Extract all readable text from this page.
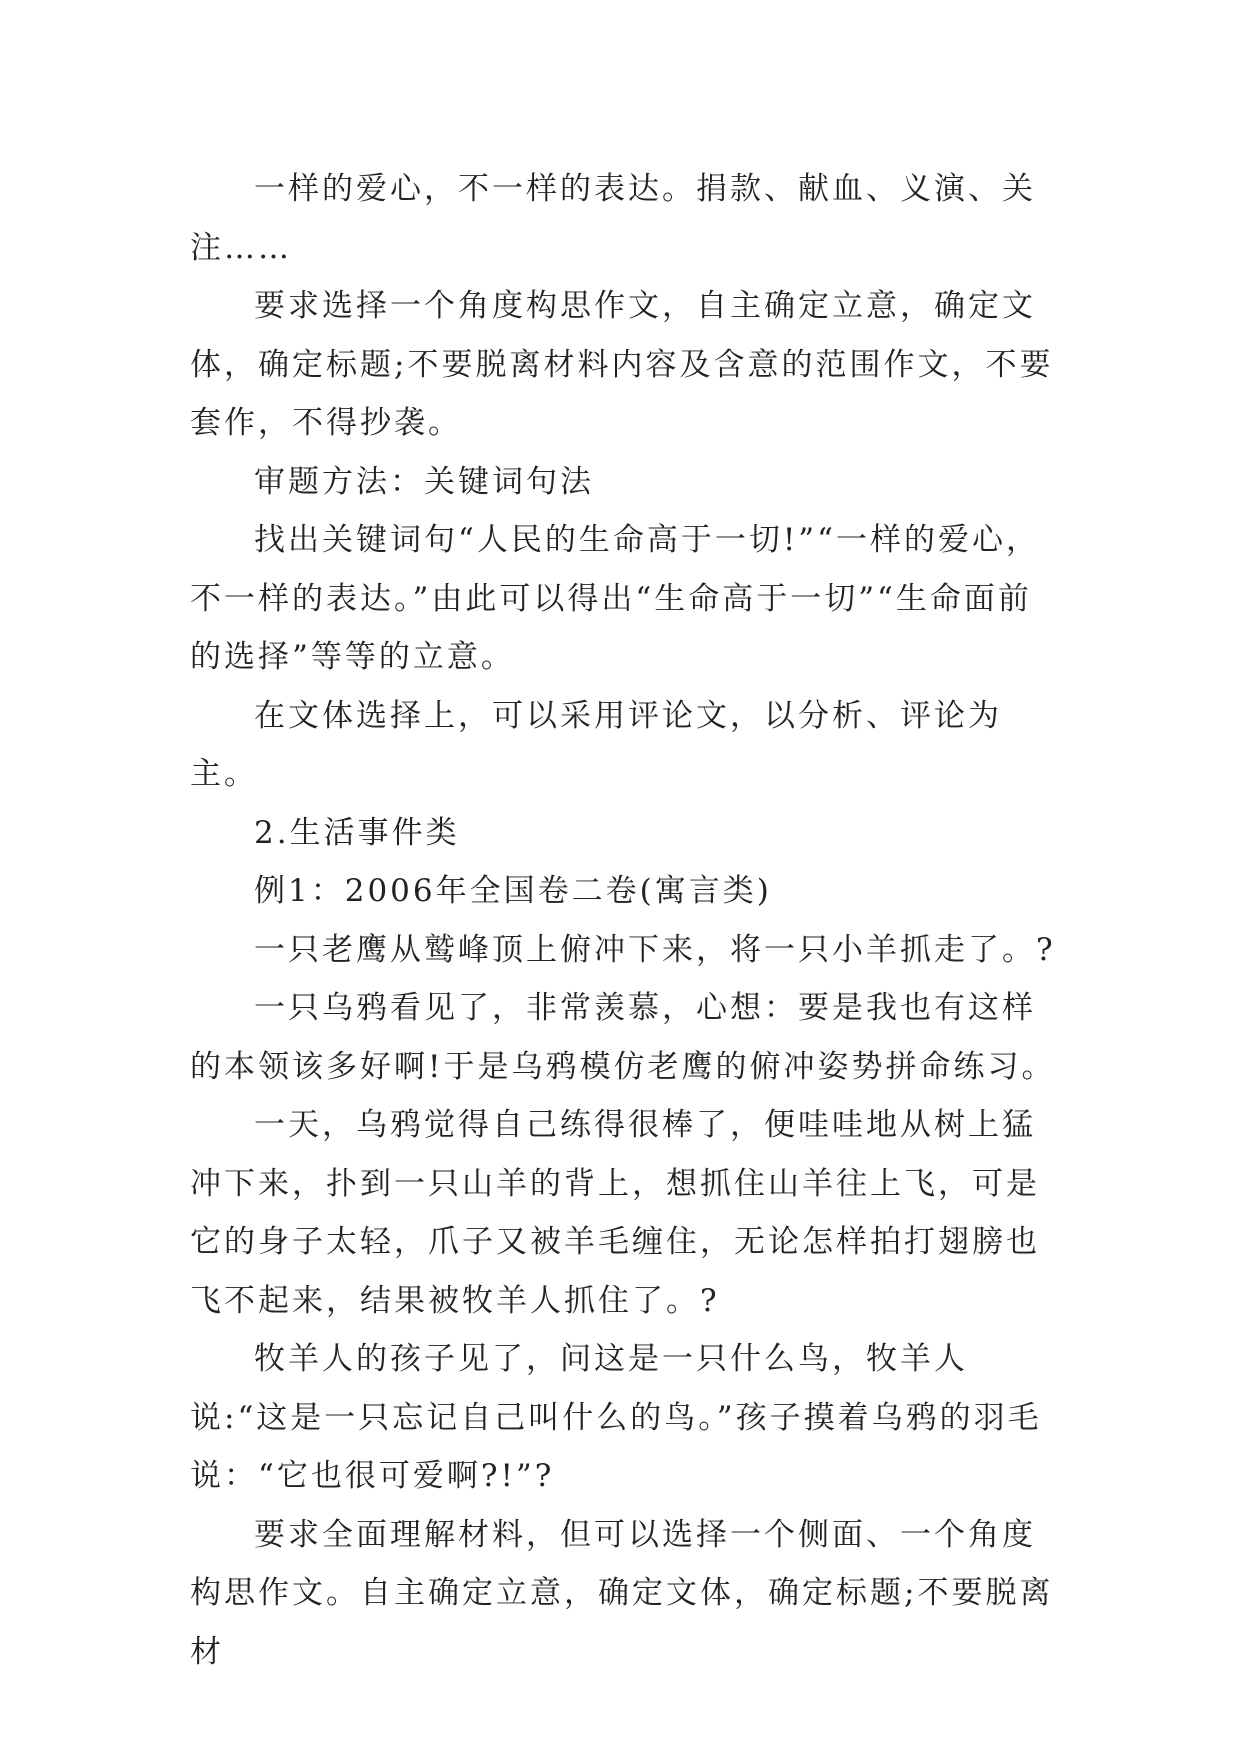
一样的爱心，不一样的表达。捐款、献血、义演、关注……

要求选择一个角度构思作文，自主确定立意，确定文体，确定标题;不要脱离材料内容及含意的范围作文，不要套作，不得抄袭。

审题方法：关键词句法

找出关键词句“人民的生命高于一切!”“一样的爱心，不一样的表达。”由此可以得出“生命高于一切”“生命面前的选择”等等的立意。

在文体选择上，可以采用评论文，以分析、评论为主。

2.生活事件类

例1：2006年全国卷二卷(寓言类)

一只老鹰从鹫峰顶上俯冲下来，将一只小羊抓走了。?

一只乌鸦看见了，非常羡慕，心想：要是我也有这样的本领该多好啊!于是乌鸦模仿老鹰的俯冲姿势拼命练习。

一天，乌鸦觉得自己练得很棒了，便哇哇地从树上猛冲下来，扑到一只山羊的背上，想抓住山羊往上飞，可是它的身子太轻，爪子又被羊毛缠住，无论怎样拍打翅膀也飞不起来，结果被牧羊人抓住了。?

牧羊人的孩子见了，问这是一只什么鸟，牧羊人说:“这是一只忘记自己叫什么的鸟。”孩子摸着乌鸦的羽毛说：“它也很可爱啊?!”?

要求全面理解材料，但可以选择一个侧面、一个角度构思作文。自主确定立意，确定文体，确定标题;不要脱离材
